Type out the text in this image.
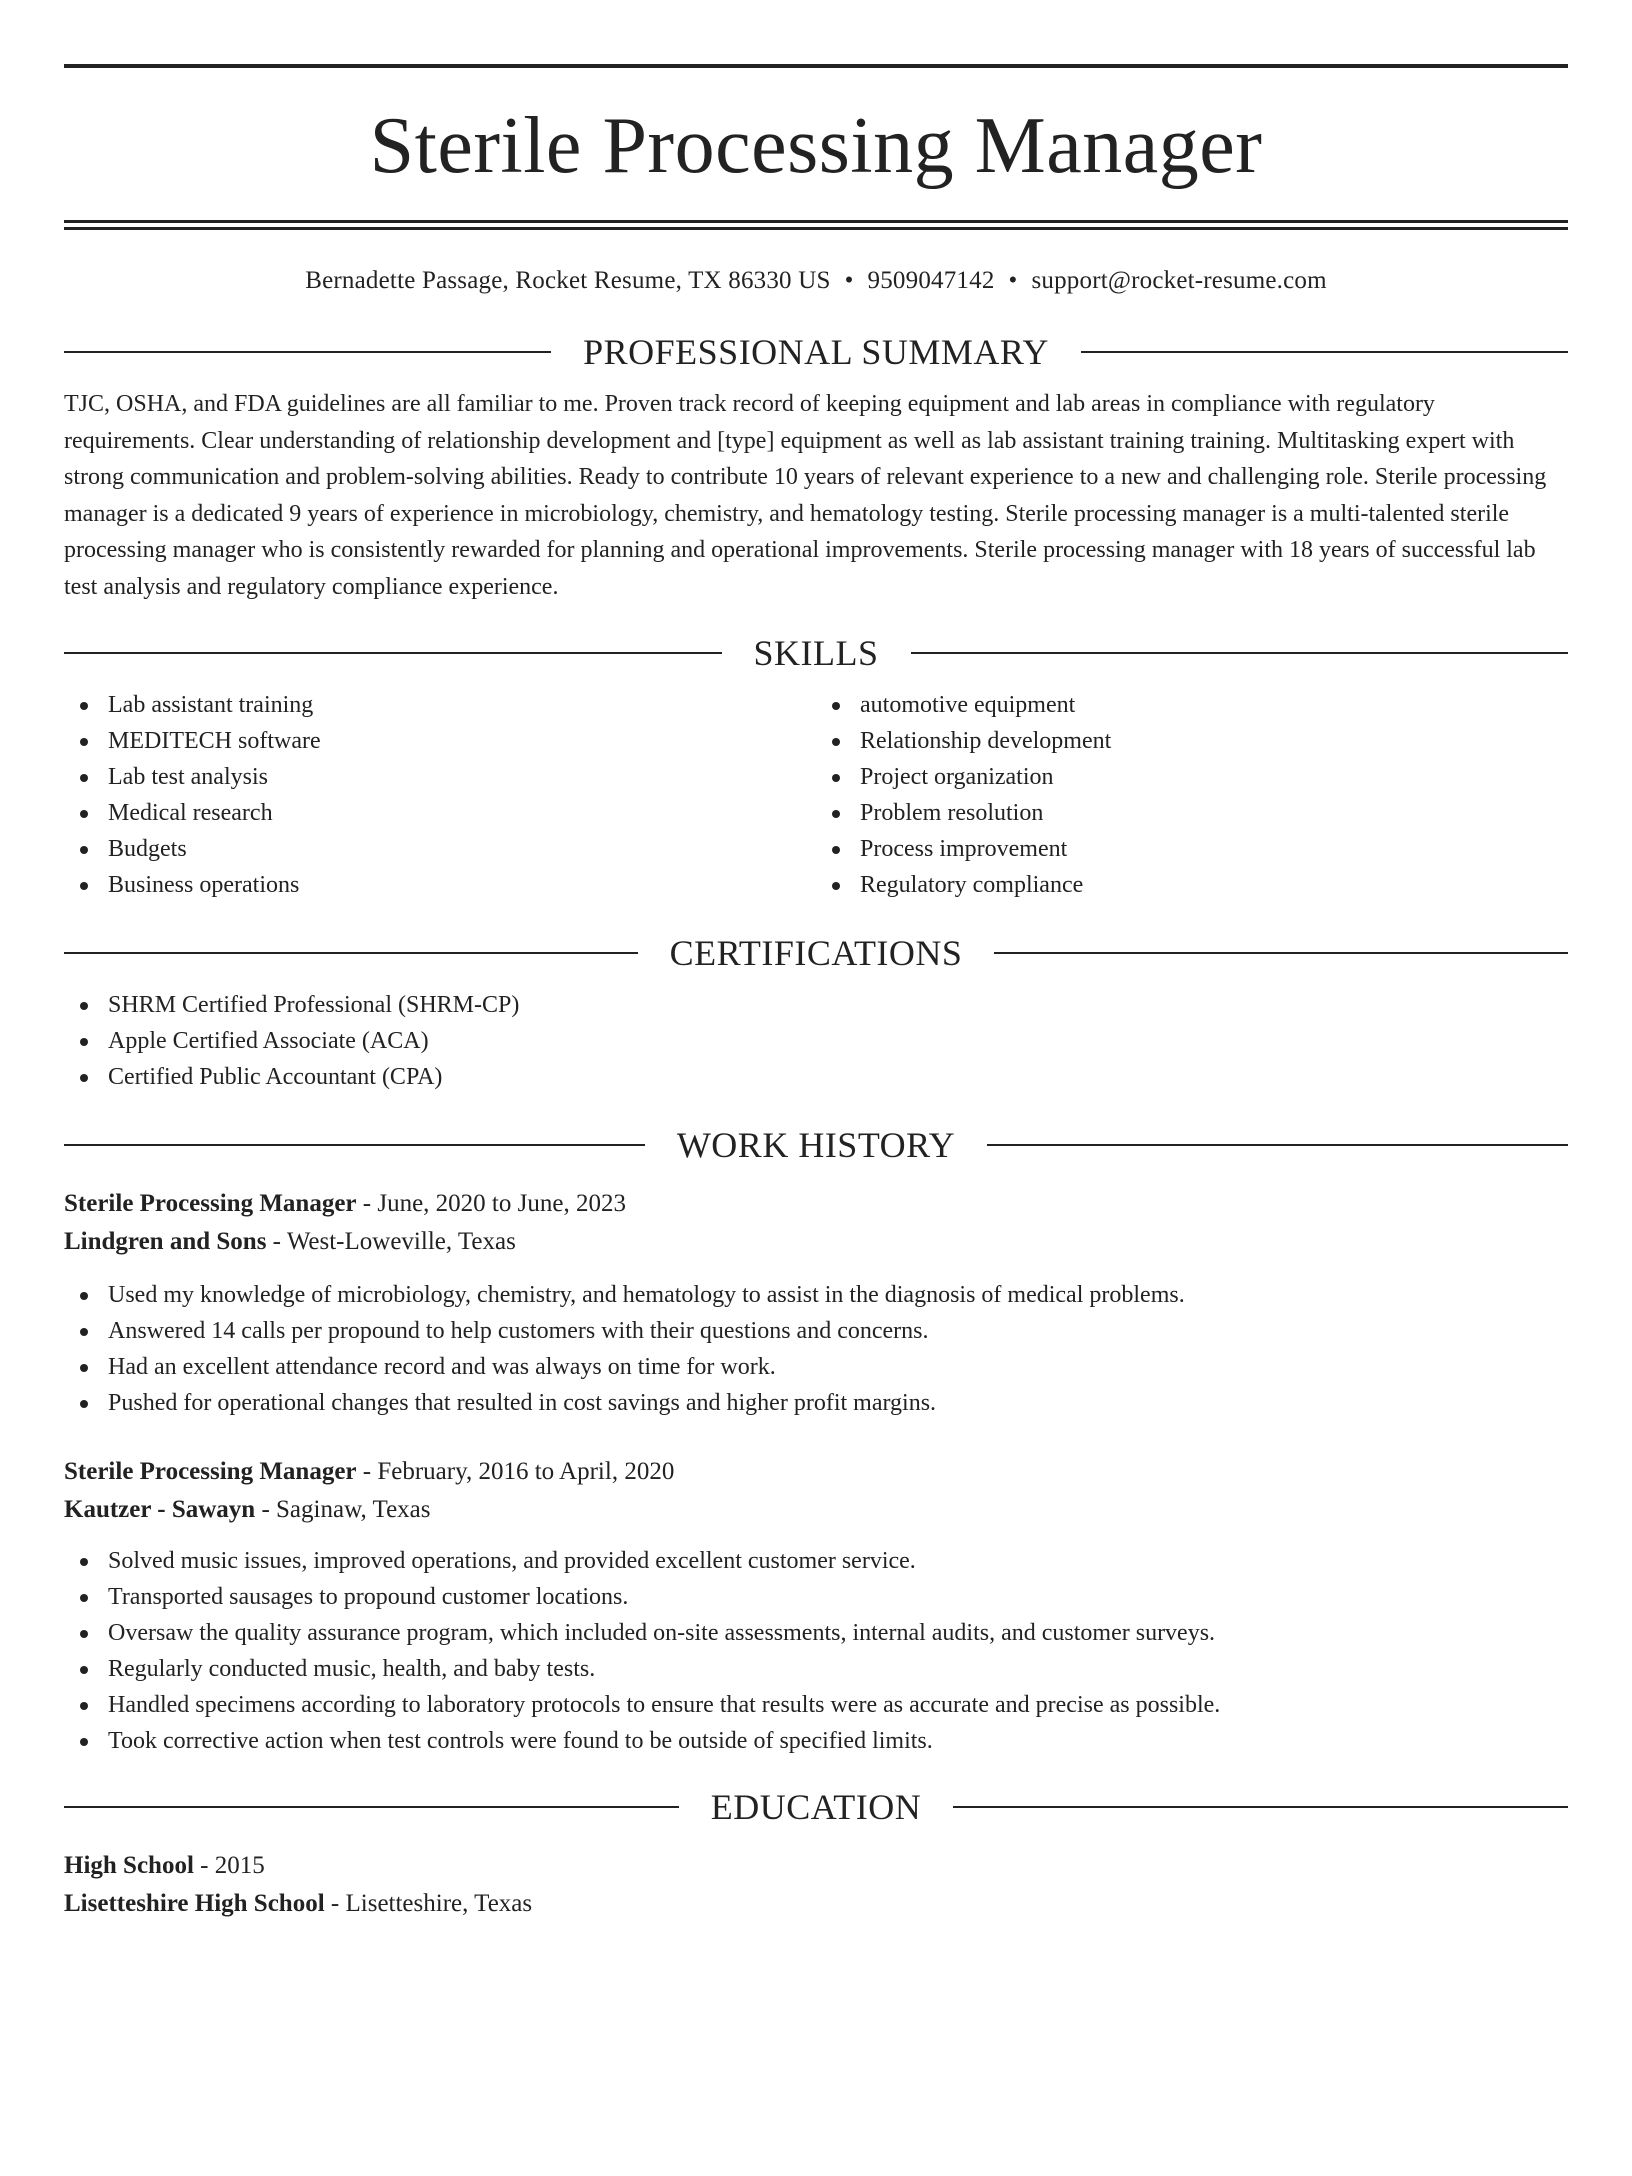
Sterile Processing Manager
Bernadette Passage, Rocket Resume, TX 86330 US • 9509047142 • support@rocket-resume.com
PROFESSIONAL SUMMARY
TJC, OSHA, and FDA guidelines are all familiar to me. Proven track record of keeping equipment and lab areas in compliance with regulatory requirements. Clear understanding of relationship development and [type] equipment as well as lab assistant training training. Multitasking expert with strong communication and problem-solving abilities. Ready to contribute 10 years of relevant experience to a new and challenging role. Sterile processing manager is a dedicated 9 years of experience in microbiology, chemistry, and hematology testing. Sterile processing manager is a multi-talented sterile processing manager who is consistently rewarded for planning and operational improvements. Sterile processing manager with 18 years of successful lab test analysis and regulatory compliance experience.
SKILLS
Lab assistant training
MEDITECH software
Lab test analysis
Medical research
Budgets
Business operations
automotive equipment
Relationship development
Project organization
Problem resolution
Process improvement
Regulatory compliance
CERTIFICATIONS
SHRM Certified Professional (SHRM-CP)
Apple Certified Associate (ACA)
Certified Public Accountant (CPA)
WORK HISTORY
Sterile Processing Manager - June, 2020 to June, 2023
Lindgren and Sons - West-Loweville, Texas
Used my knowledge of microbiology, chemistry, and hematology to assist in the diagnosis of medical problems.
Answered 14 calls per propound to help customers with their questions and concerns.
Had an excellent attendance record and was always on time for work.
Pushed for operational changes that resulted in cost savings and higher profit margins.
Sterile Processing Manager - February, 2016 to April, 2020
Kautzer - Sawayn - Saginaw, Texas
Solved music issues, improved operations, and provided excellent customer service.
Transported sausages to propound customer locations.
Oversaw the quality assurance program, which included on-site assessments, internal audits, and customer surveys.
Regularly conducted music, health, and baby tests.
Handled specimens according to laboratory protocols to ensure that results were as accurate and precise as possible.
Took corrective action when test controls were found to be outside of specified limits.
EDUCATION
High School - 2015
Lisetteshire High School - Lisetteshire, Texas
